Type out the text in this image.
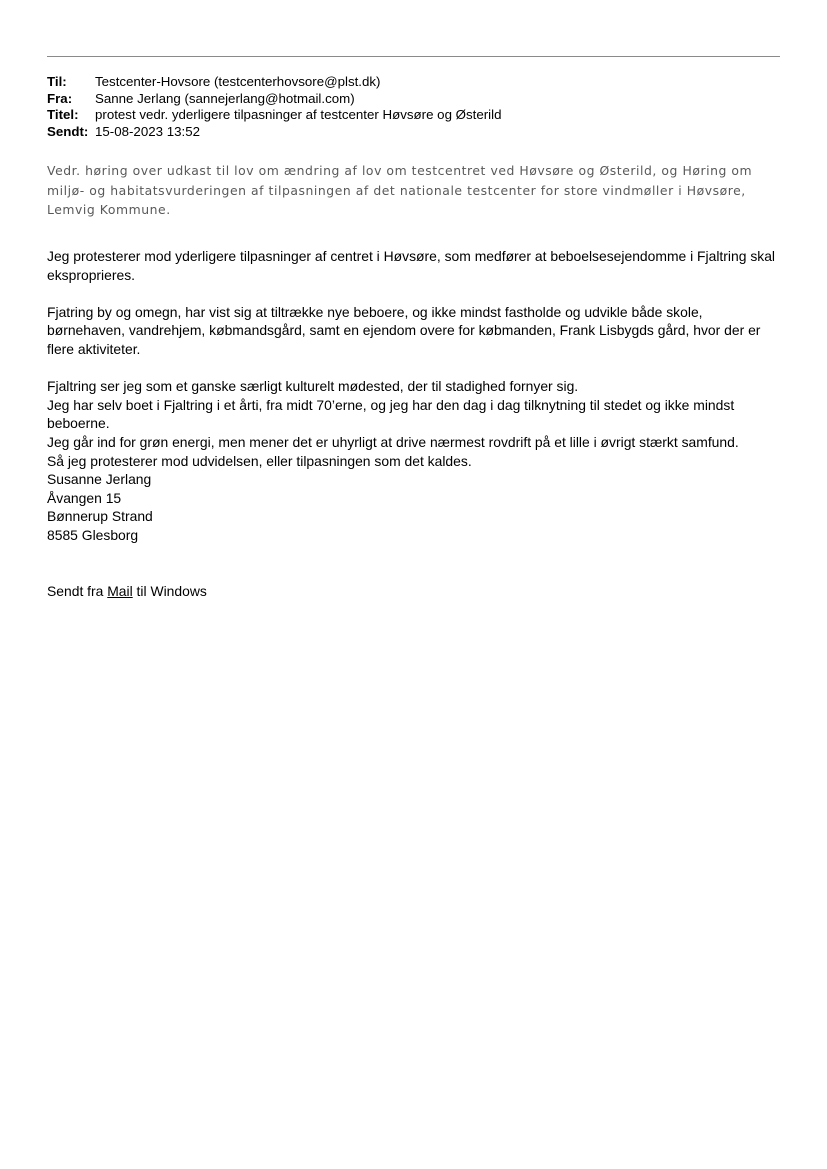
Til:	Testcenter-Hovsore (testcenterhovsore@plst.dk)
Fra:	Sanne Jerlang (sannejerlang@hotmail.com)
Titel:	protest vedr. yderligere tilpasninger af testcenter Høvsøre og Østerild
Sendt: 15-08-2023 13:52
Vedr. høring over udkast til lov om ændring af lov om testcentret ved Høvsøre og Østerild, og Høring om miljø- og habitatsvurderingen af tilpasningen af det nationale testcenter for store vindmøller i Høvsøre, Lemvig Kommune.

Jeg protesterer mod yderligere tilpasninger af centret i Høvsøre, som medfører at beboelsesejendomme i Fjaltring skal eksproprieres.

Fjatring by og omegn, har vist sig at tiltrække nye beboere, og ikke mindst fastholde og udvikle både skole, børnehaven, vandrehjem, købmandsgård, samt en ejendom overe for købmanden, Frank Lisbygds gård, hvor der er flere aktiviteter.

Fjaltring ser jeg som et ganske særligt kulturelt mødested, der til stadighed fornyer sig.

Jeg har selv boet i Fjaltring i et årti, fra midt 70’erne, og jeg har den dag i dag tilknytning til stedet og ikke mindst beboerne.

Jeg går ind for grøn energi, men mener det er uhyrligt at drive nærmest rovdrift på et lille i øvrigt stærkt samfund.

Så jeg protesterer mod udvidelsen, eller tilpasningen som det kaldes.

Susanne Jerlang

Åvangen 15

Bønnerup Strand

8585 Glesborg

Sendt fra Mail til Windows
